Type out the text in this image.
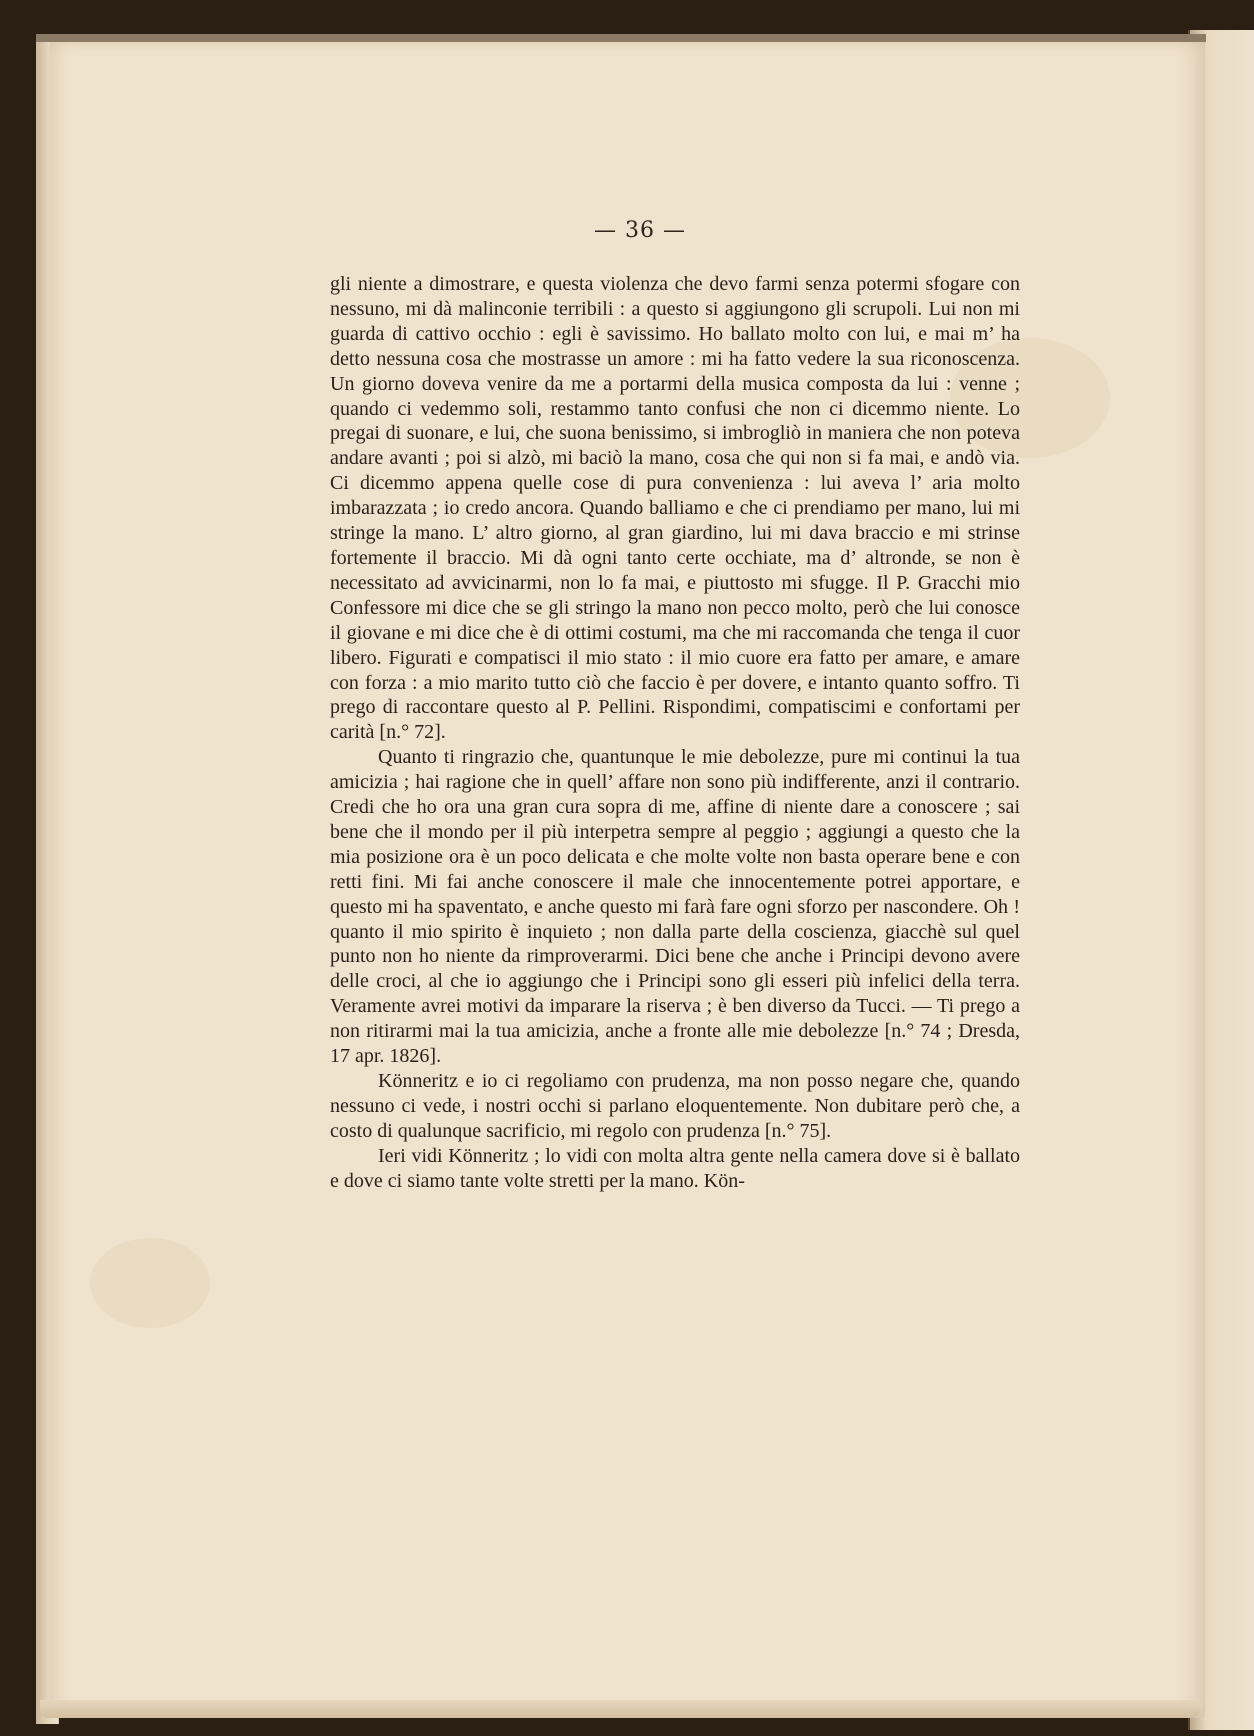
— 36 —

gli niente a dimostrare, e questa violenza che devo farmi senza potermi sfogare con nessuno, mi dà malinconie terribili : a questo si aggiungono gli scrupoli. Lui non mi guarda di cattivo occhio : egli è savissimo. Ho ballato molto con lui, e mai m’ ha detto nessuna cosa che mostrasse un amore : mi ha fatto vedere la sua riconoscenza. Un giorno doveva venire da me a portarmi della musica composta da lui : venne ; quando ci vedemmo soli, restammo tanto confusi che non ci dicemmo niente. Lo pregai di suonare, e lui, che suona benissimo, si imbrogliò in maniera che non poteva andare avanti ; poi si alzò, mi baciò la mano, cosa che qui non si fa mai, e andò via. Ci dicemmo appena quelle cose di pura convenienza : lui aveva l’ aria molto imbarazzata ; io credo ancora. Quando balliamo e che ci prendiamo per mano, lui mi stringe la mano. L’ altro giorno, al gran giardino, lui mi dava braccio e mi strinse fortemente il braccio. Mi dà ogni tanto certe occhiate, ma d’ altronde, se non è necessitato ad avvicinarmi, non lo fa mai, e piuttosto mi sfugge. Il P. Gracchi mio Confessore mi dice che se gli stringo la mano non pecco molto, però che lui conosce il giovane e mi dice che è di ottimi costumi, ma che mi raccomanda che tenga il cuor libero. Figurati e compatisci il mio stato : il mio cuore era fatto per amare, e amare con forza : a mio marito tutto ciò che faccio è per dovere, e intanto quanto soffro. Ti prego di raccontare questo al P. Pellini. Rispondimi, compatiscimi e confortami per carità [n.° 72].

Quanto ti ringrazio che, quantunque le mie debolezze, pure mi continui la tua amicizia ; hai ragione che in quell’ affare non sono più indifferente, anzi il contrario. Credi che ho ora una gran cura sopra di me, affine di niente dare a conoscere ; sai bene che il mondo per il più interpetra sempre al peggio ; aggiungi a questo che la mia posizione ora è un poco delicata e che molte volte non basta operare bene e con retti fini. Mi fai anche conoscere il male che innocentemente potrei apportare, e questo mi ha spaventato, e anche questo mi farà fare ogni sforzo per nascondere. Oh ! quanto il mio spirito è inquieto ; non dalla parte della coscienza, giacchè sul quel punto non ho niente da rimproverarmi. Dici bene che anche i Principi devono avere delle croci, al che io aggiungo che i Principi sono gli esseri più infelici della terra. Veramente avrei motivi da imparare la riserva ; è ben diverso da Tucci. — Ti prego a non ritirarmi mai la tua amicizia, anche a fronte alle mie debolezze [n.° 74 ; Dresda, 17 apr. 1826].

Könneritz e io ci regoliamo con prudenza, ma non posso negare che, quando nessuno ci vede, i nostri occhi si parlano eloquentemente. Non dubitare però che, a costo di qualunque sacrificio, mi regolo con prudenza [n.° 75].

Ieri vidi Könneritz ; lo vidi con molta altra gente nella camera dove si è ballato e dove ci siamo tante volte stretti per la mano. Kön-
